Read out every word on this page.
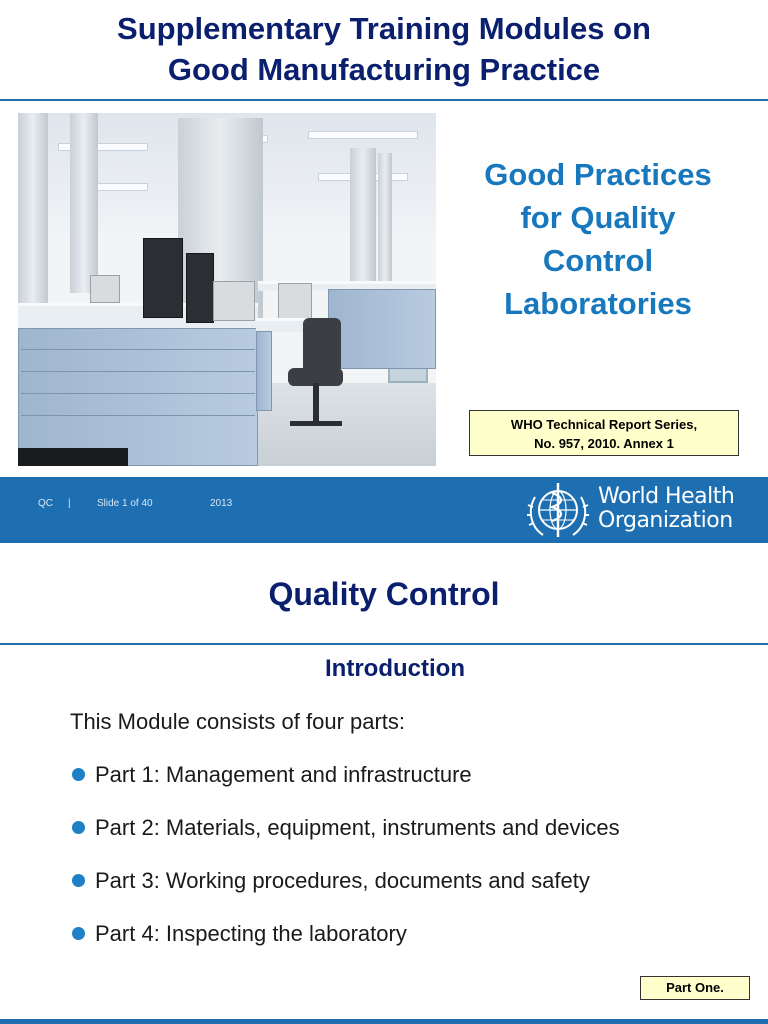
Supplementary Training Modules on
Good Manufacturing Practice
Good Practices
for Quality
Control
Laboratories
WHO Technical Report Series,
No. 957, 2010. Annex 1
QC |	Slide 1 of 40	2013	World Health
Organization
Quality Control
Introduction
This Module consists of four parts:
Part 1: Management and infrastructure
Part 2: Materials, equipment, instruments and devices
Part 3: Working procedures, documents and safety
Part 4: Inspecting the laboratory
Part One.
